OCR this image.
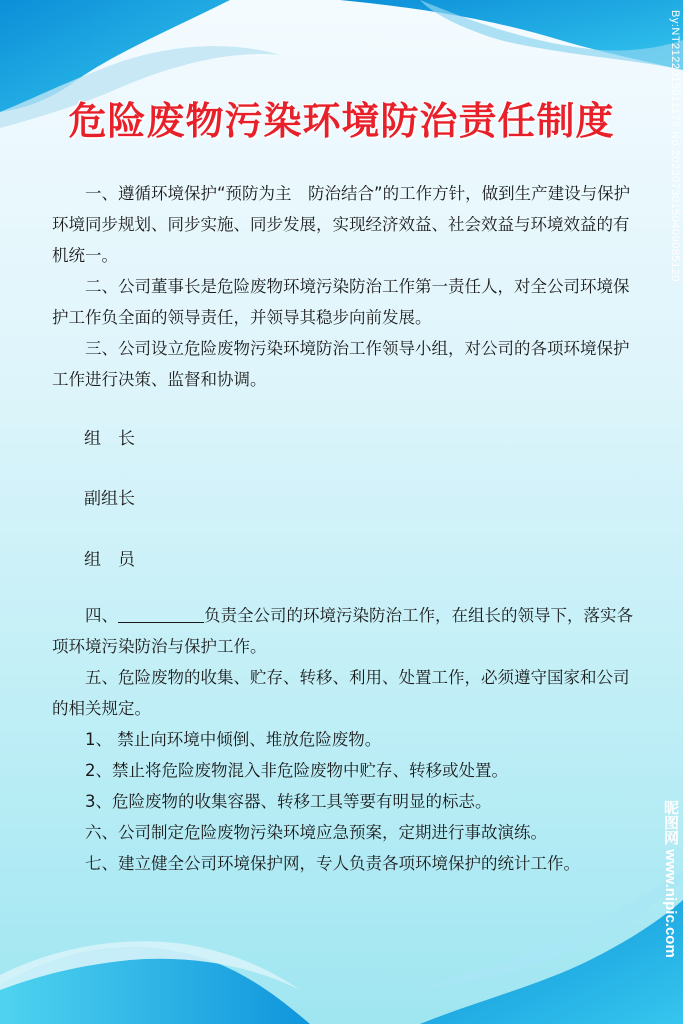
危险废物污染环境防治责任制度

一、遵循环境保护“预防为主　防治结合”的工作方针，做到生产建设与保护环境同步规划、同步实施、同步发展，实现经济效益、社会效益与环境效益的有机统一。

二、公司董事长是危险废物环境污染防治工作第一责任人，对全公司环境保护工作负全面的领导责任，并领导其稳步向前发展。

三、公司设立危险废物污染环境防治工作领导小组，对公司的各项环境保护工作进行决策、监督和协调。

组　长
副组长
组　员

四、	负责全公司的环境污染防治工作，在组长的领导下，落实各项环境污染防治与保护工作。

五、危险废物的收集、贮存、转移、利用、处置工作，必须遵守国家和公司的相关规定。

1、 禁止向环境中倾倒、堆放危险废物。

2、禁止将危险废物混入非危险废物中贮存、转移或处置。

3、危险废物的收集容器、转移工具等要有明显的标志。

六、公司制定危险废物污染环境应急预案，定期进行事故演练。

七、建立健全公司环境保护网，专人负责各项环境保护的统计工作。

By:NT2122015011179 No.20230730150409085120
昵图网 www.nipic.com
